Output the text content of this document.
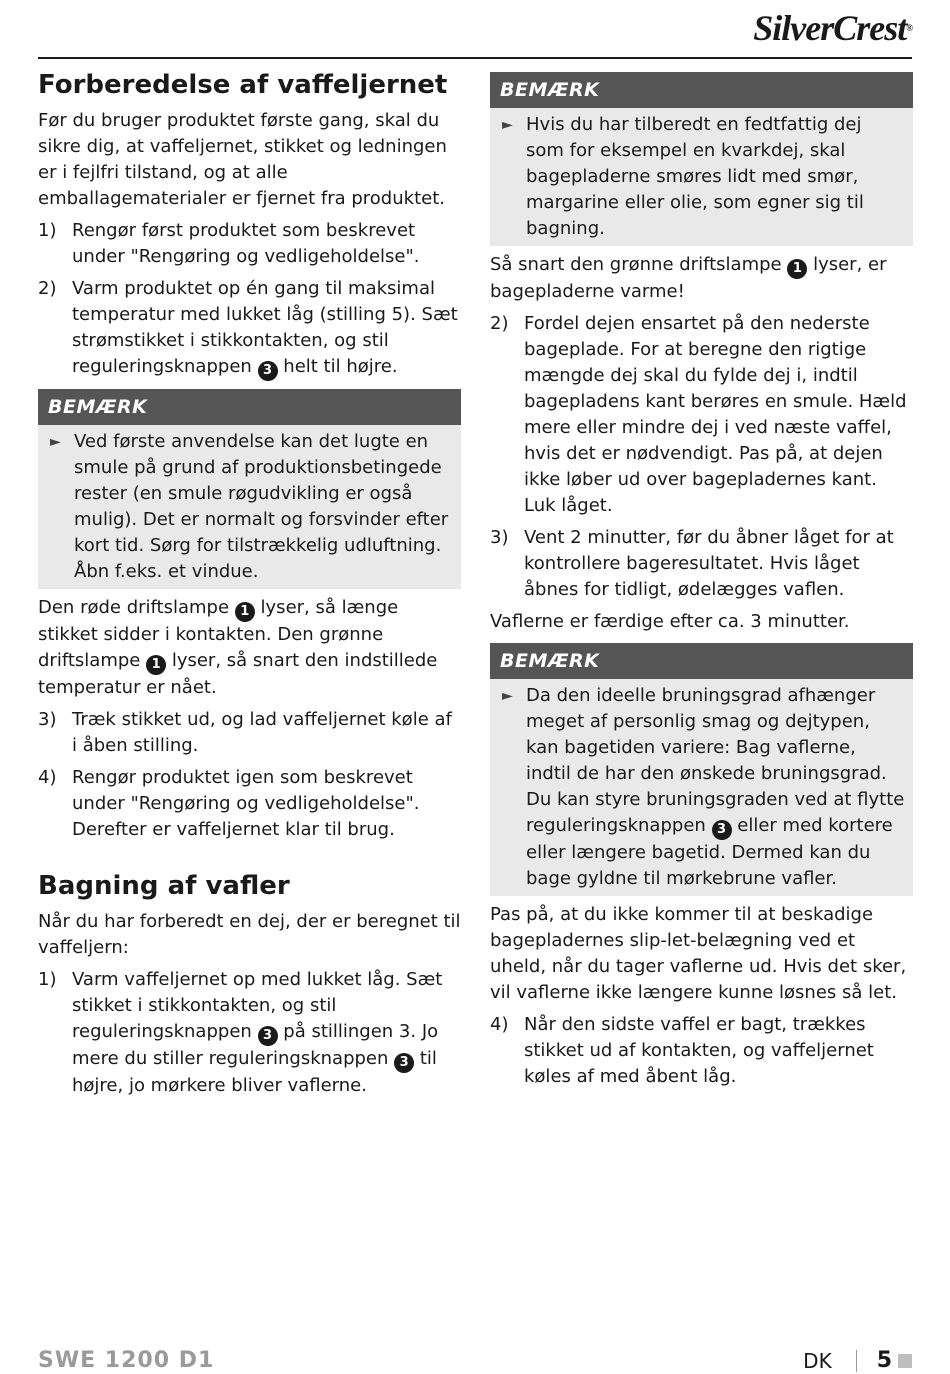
SilverCrest®
Forberedelse af vaffeljernet

Før du bruger produktet første gang, skal du sikre dig, at vaffeljernet, stikket og ledningen er i fejlfri tilstand, og at alle emballagematerialer er fjernet fra produktet.

1) Rengør først produktet som beskrevet under "Rengøring og vedligeholdelse".
2) Varm produktet op én gang til maksimal temperatur med lukket låg (stilling 5). Sæt strømstikket i stikkontakten, og stil reguleringsknappen 3 helt til højre.
BEMÆRK
► Ved første anvendelse kan det lugte en smule på grund af produktionsbetingede rester (en smule røgudvikling er også mulig). Det er normalt og forsvinder efter kort tid. Sørg for tilstrækkelig udluftning. Åbn f.eks. et vindue.

Den røde driftslampe 1 lyser, så længe stikket sidder i kontakten. Den grønne driftslampe 1 lyser, så snart den indstillede temperatur er nået.

3) Træk stikket ud, og lad vaffeljernet køle af i åben stilling.
4) Rengør produktet igen som beskrevet under "Rengøring og vedligeholdelse". Derefter er vaffeljernet klar til brug.
Bagning af vafler

Når du har forberedt en dej, der er beregnet til vaffeljern:

1) Varm vaffeljernet op med lukket låg. Sæt stikket i stikkontakten, og stil reguleringsknappen 3 på stillingen 3. Jo mere du stiller reguleringsknappen 3 til højre, jo mørkere bliver vaflerne.
BEMÆRK
► Hvis du har tilberedt en fedtfattig dej som for eksempel en kvarkdej, skal bagepladerne smøres lidt med smør, margarine eller olie, som egner sig til bagning.

Så snart den grønne driftslampe 1 lyser, er bagepladerne varme!

2) Fordel dejen ensartet på den nederste bageplade. For at beregne den rigtige mængde dej skal du fylde dej i, indtil bagepladens kant berøres en smule. Hæld mere eller mindre dej i ved næste vaffel, hvis det er nødvendigt. Pas på, at dejen ikke løber ud over bagepladernes kant. Luk låget.
3) Vent 2 minutter, før du åbner låget for at kontrollere bageresultatet. Hvis låget åbnes for tidligt, ødelægges vaflen.

Vaflerne er færdige efter ca. 3 minutter.

BEMÆRK
► Da den ideelle bruningsgrad afhænger meget af personlig smag og dejtypen, kan bagetiden variere: Bag vaflerne, indtil de har den ønskede bruningsgrad. Du kan styre bruningsgraden ved at flytte reguleringsknappen 3 eller med kortere eller længere bagetid. Dermed kan du bage gyldne til mørkebrune vafler.

Pas på, at du ikke kommer til at beskadige bagepladernes slip-let-belægning ved et uheld, når du tager vaflerne ud. Hvis det sker, vil vaflerne ikke længere kunne løsnes så let.

4) Når den sidste vaffel er bagt, trækkes stikket ud af kontakten, og vaffeljernet køles af med åbent låg.
SWE 1200 D1	DK 5
